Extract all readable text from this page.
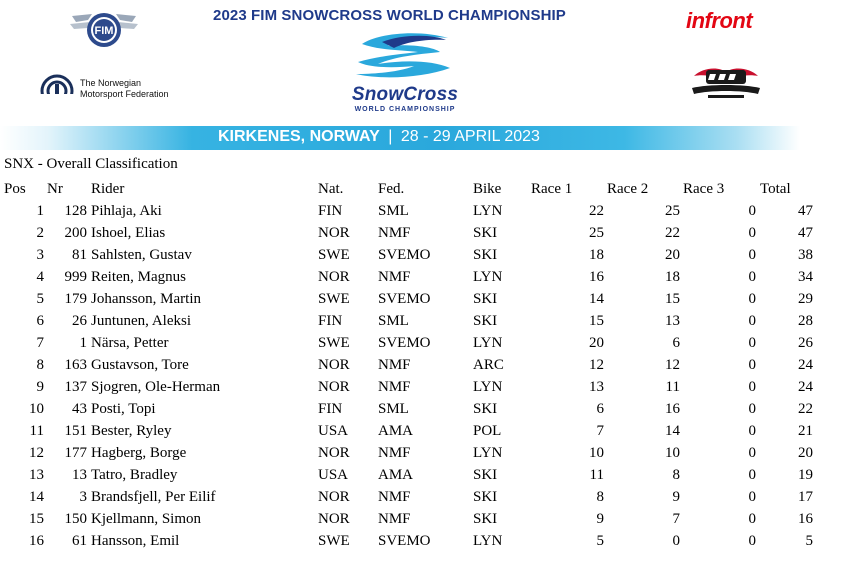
FIM
2023 FIM SNOWCROSS WORLD CHAMPIONSHIP	infront
The Norwegian
Motorsport Federation	SnowCross
WORLD CHAMPIONSHIP
KIRKENES, NORWAY | 28 - 29 APRIL 2023
SNX - Overall Classification
Pos Nr Rider	Nat. Fed.	Bike Race 1 Race 2 Race 3 Total
1 128 Pihlaja, Aki	FIN SML	LYN	22	25	0	47
2 200 Ishoel, Elias	NOR NMF	SKI	25	22	0	47
3 81 Sahlsten, Gustav	SWE SVEMO	SKI	18	20	0	38
4 999 Reiten, Magnus	NOR NMF	LYN	16	18	0	34
5 179 Johansson, Martin	SWE SVEMO	SKI	14	15	0	29
6 26 Juntunen, Aleksi	FIN SML	SKI	15	13	0	28
7 1 Närsa, Petter	SWE SVEMO	LYN	20	6	0	26
8 163 Gustavson, Tore	NOR NMF	ARC	12	12	0	24
9 137 Sjogren, Ole-Herman	NOR NMF	LYN	13	11	0	24
10 43 Posti, Topi	FIN SML	SKI	6	16	0	22
11 151 Bester, Ryley	USA AMA	POL	7	14	0	21
12 177 Hagberg, Borge	NOR NMF	LYN	10	10	0	20
13 13 Tatro, Bradley	USA AMA	SKI	11	8	0	19
14 3 Brandsfjell, Per Eilif	NOR NMF	SKI	8	9	0	17
15 150 Kjellmann, Simon	NOR NMF	SKI	9	7	0	16
16 61 Hansson, Emil	SWE SVEMO	LYN	5	0	0	5
